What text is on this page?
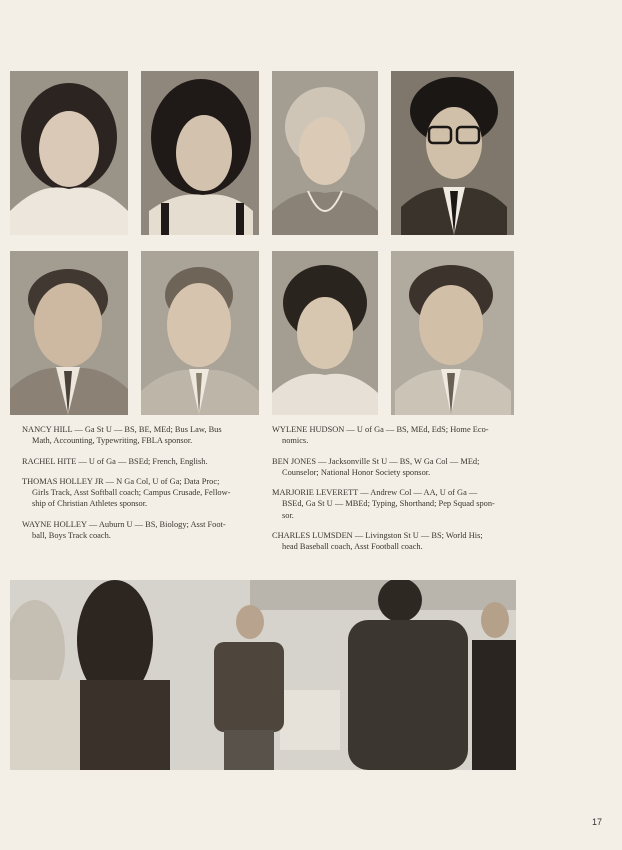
NANCY HILL — Ga St U — BS, BE, MEd; Bus Law, Bus
Math, Accounting, Typewriting, FBLA sponsor.
RACHEL HITE — U of Ga — BSEd; French, English.
THOMAS HOLLEY JR — N Ga Col, U of Ga; Data Proc;
Girls Track, Asst Softball coach; Campus Crusade, Fellow-
ship of Christian Athletes sponsor.
WAYNE HOLLEY — Auburn U — BS, Biology; Asst Foot-
ball, Boys Track coach.
WYLENE HUDSON — U of Ga — BS, MEd, EdS; Home Eco-
nomics.
BEN JONES — Jacksonville St U — BS, W Ga Col — MEd;
Counselor; National Honor Society sponsor.
MARJORIE LEVERETT — Andrew Col — AA, U of Ga —
BSEd, Ga St U — MBEd; Typing, Shorthand; Pep Squad spon-
sor.
CHARLES LUMSDEN — Livingston St U — BS; World His;
head Baseball coach, Asst Football coach.
17
